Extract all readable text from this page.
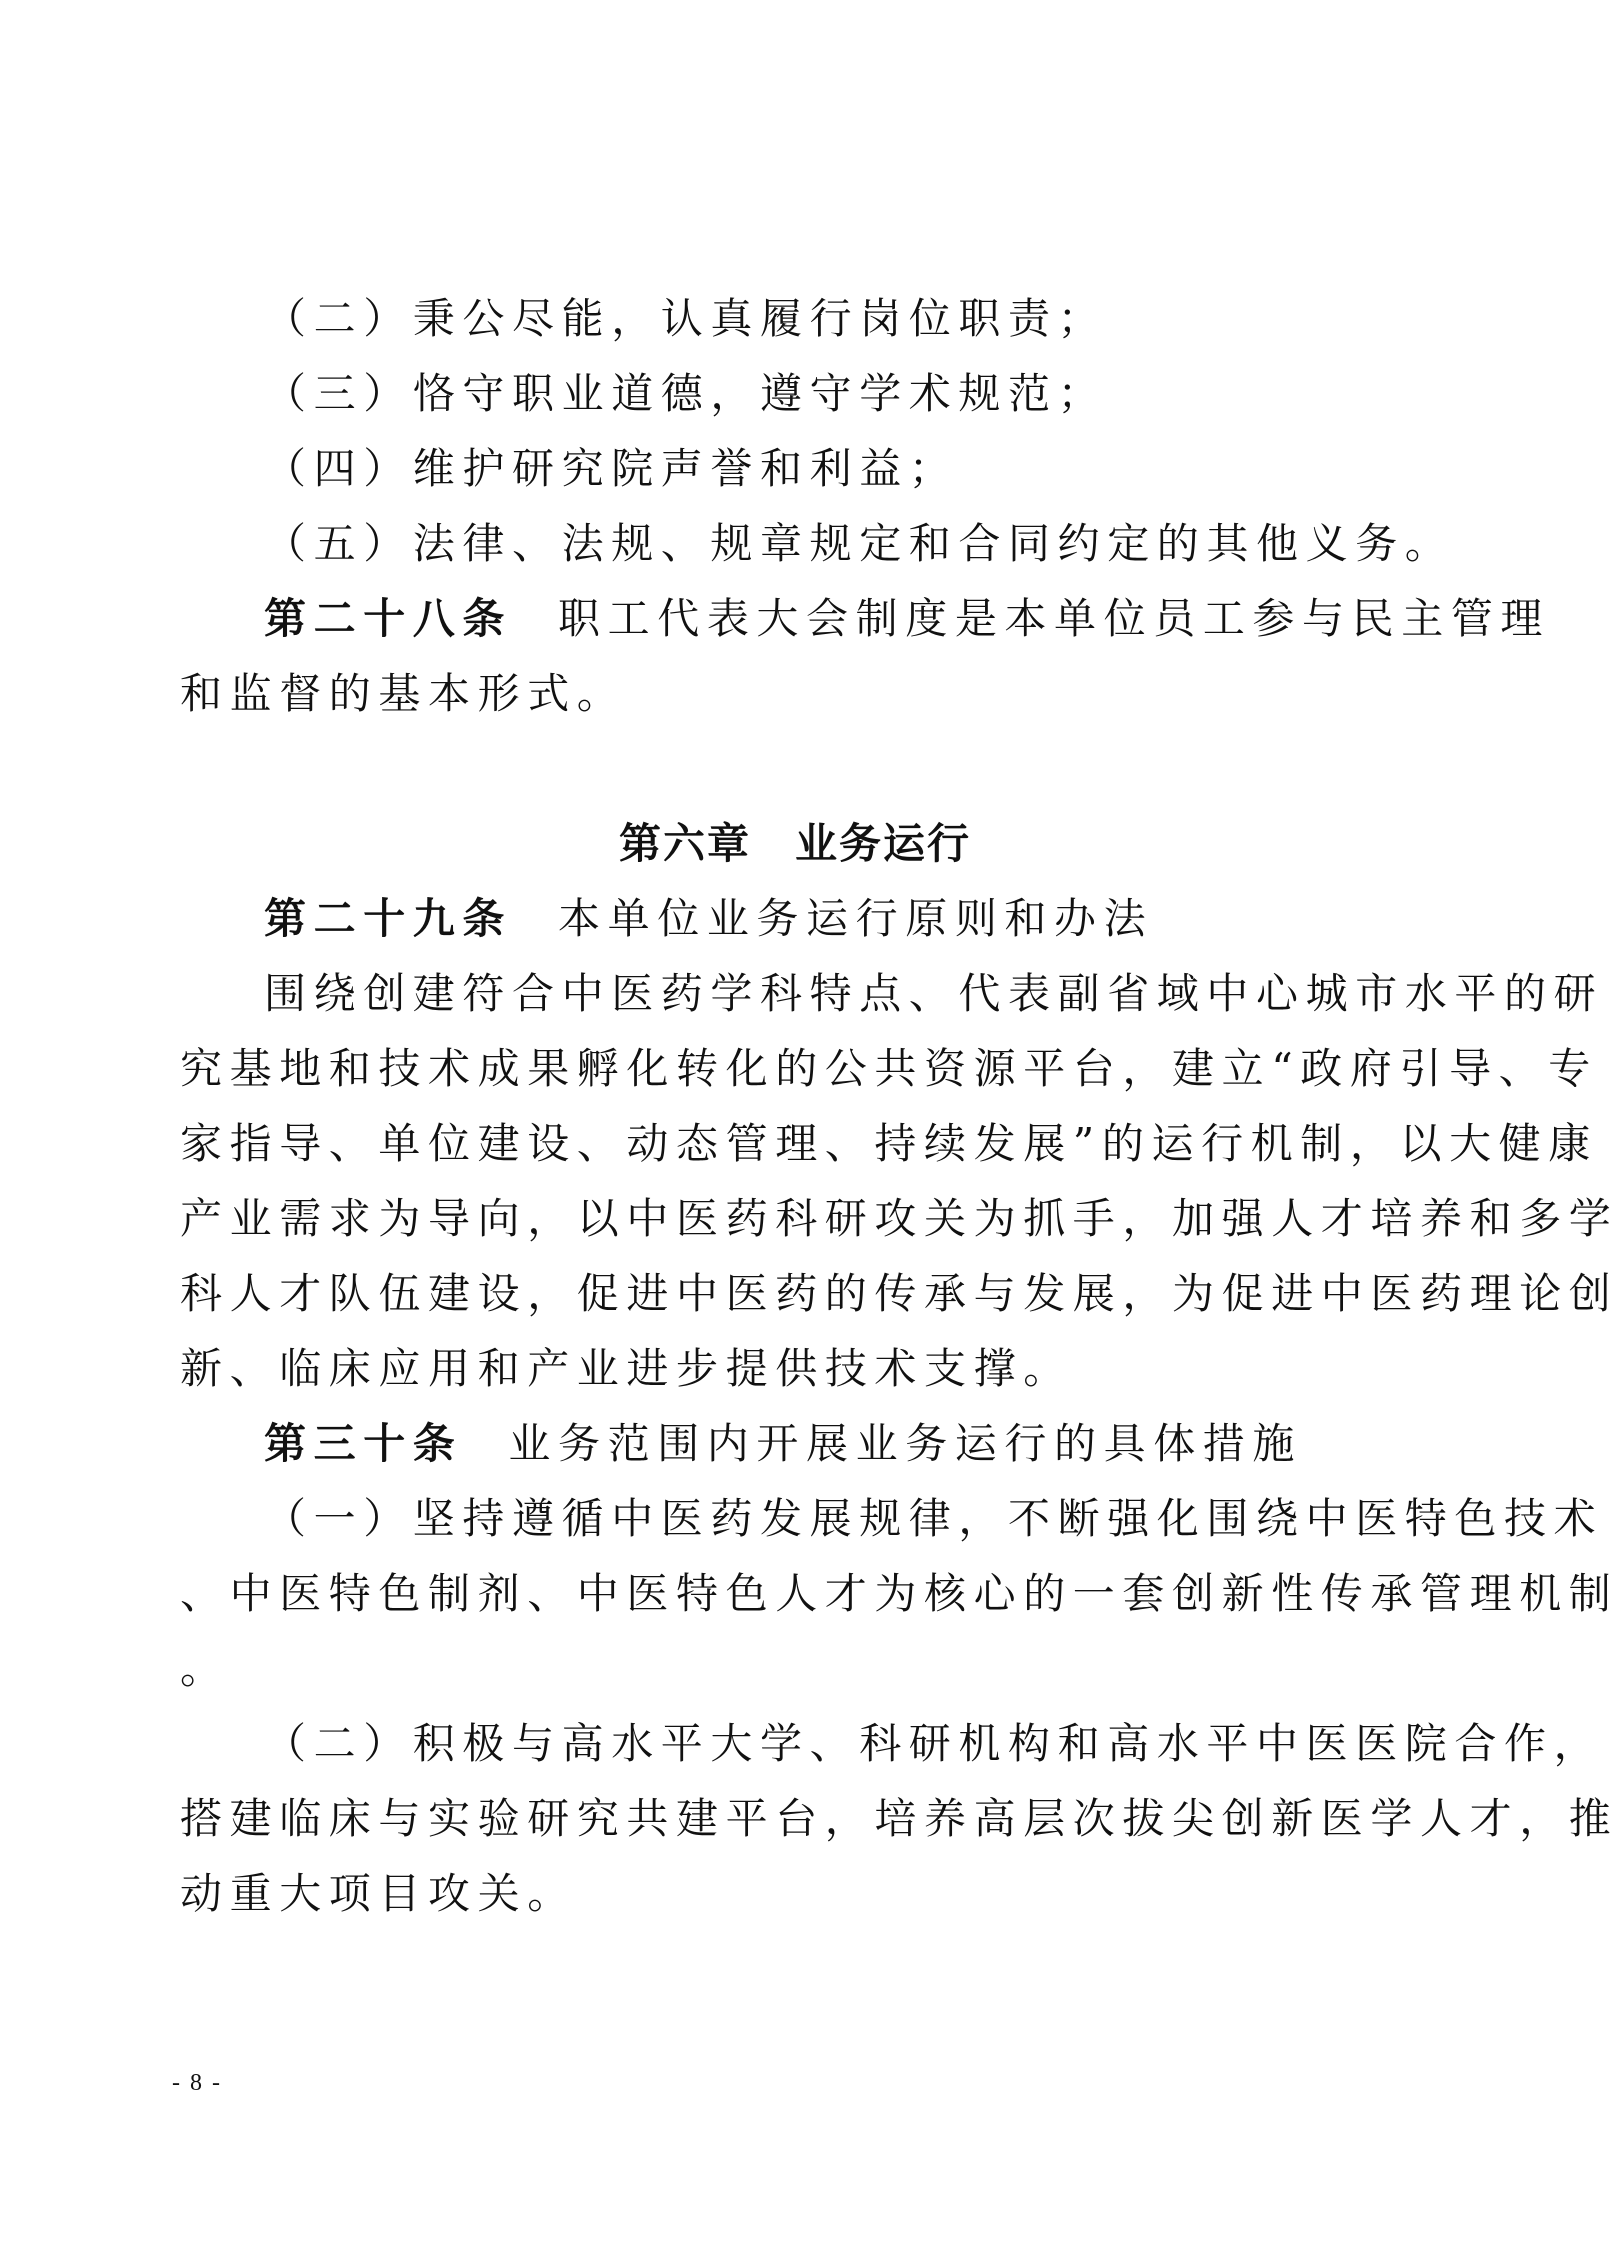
（二）秉公尽能，认真履行岗位职责；
（三）恪守职业道德，遵守学术规范；
（四）维护研究院声誉和利益；
（五）法律、法规、规章规定和合同约定的其他义务。
第二十八条 职工代表大会制度是本单位员工参与民主管理
和监督的基本形式。
第六章　业务运行
第二十九条 本单位业务运行原则和办法
围绕创建符合中医药学科特点、代表副省域中心城市水平的研
究基地和技术成果孵化转化的公共资源平台，建立“政府引导、专
家指导、单位建设、动态管理、持续发展”的运行机制，以大健康
产业需求为导向，以中医药科研攻关为抓手，加强人才培养和多学
科人才队伍建设，促进中医药的传承与发展，为促进中医药理论创
新、临床应用和产业进步提供技术支撑。
第三十条 业务范围内开展业务运行的具体措施
（一）坚持遵循中医药发展规律，不断强化围绕中医特色技术
、中医特色制剂、中医特色人才为核心的一套创新性传承管理机制
。
（二）积极与高水平大学、科研机构和高水平中医医院合作，
搭建临床与实验研究共建平台，培养高层次拔尖创新医学人才，推
动重大项目攻关。
- 8 -
